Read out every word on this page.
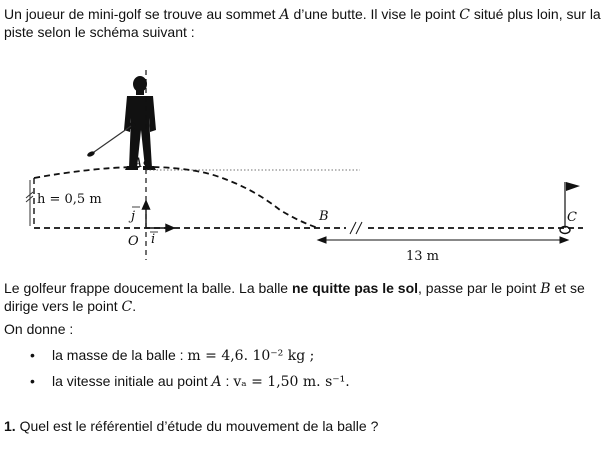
Un joueur de mini-golf se trouve au sommet A d’une butte. Il vise le point C situé plus loin, sur la piste selon le schéma suivant :

A
h = 0,5 m
j
i
O
B
13 m
C

Le golfeur frappe doucement la balle. La balle ne quitte pas le sol, passe par le point B et se dirige vers le point C.

On donne :

• la masse de la balle : m = 4,6. 10⁻² kg ;
• la vitesse initiale au point A : vₐ = 1,50 m. s⁻¹.

1. Quel est le référentiel d’étude du mouvement de la balle ?
